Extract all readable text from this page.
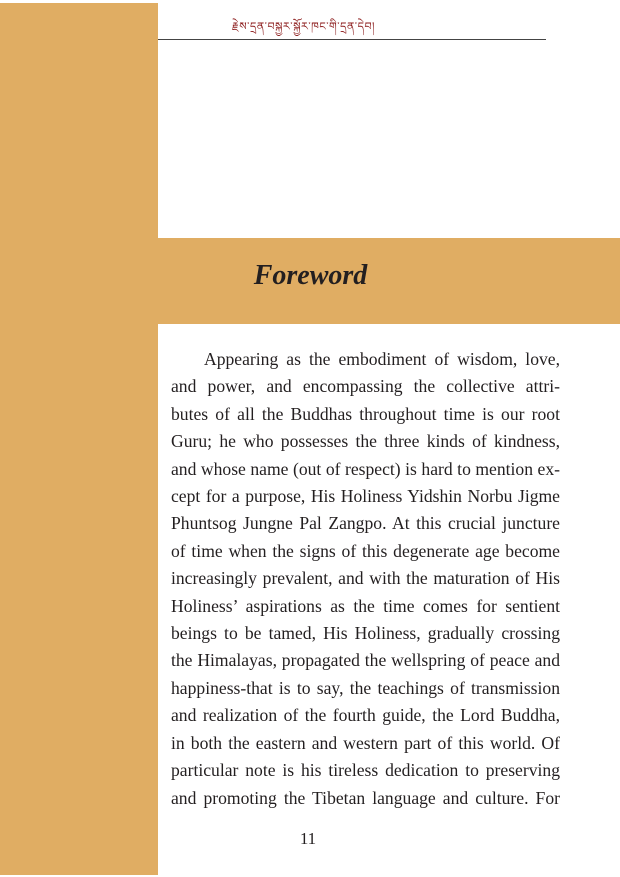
རྗེས་དྲན་བསྐྱར་སྐྱོར་ཁང་གི་དྲན་དེབ།
Foreword
Appearing as the embodiment of wisdom, love,
and power, and encompassing the collective attri-
butes of all the Buddhas throughout time is our root
Guru; he who possesses the three kinds of kindness,
and whose name (out of respect) is hard to mention ex-
cept for a purpose, His Holiness Yidshin Norbu Jigme
Phuntsog Jungne Pal Zangpo. At this crucial juncture
of time when the signs of this degenerate age become
increasingly prevalent, and with the maturation of His
Holiness’ aspirations as the time comes for sentient
beings to be tamed, His Holiness, gradually crossing
the Himalayas, propagated the wellspring of peace and
happiness-that is to say, the teachings of transmission
and realization of the fourth guide, the Lord Buddha,
in both the eastern and western part of this world. Of
particular note is his tireless dedication to preserving
and promoting the Tibetan language and culture. For
11
